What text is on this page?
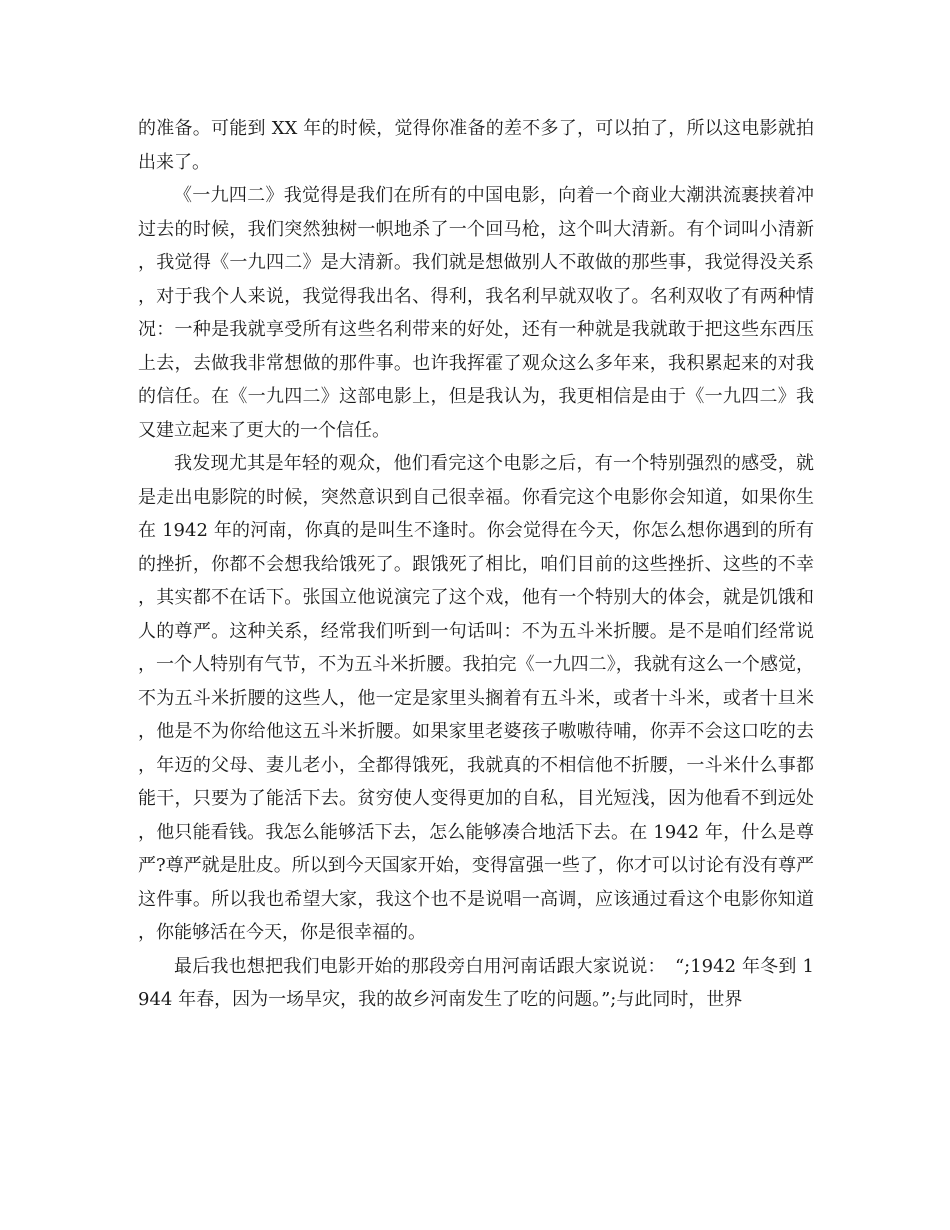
的准备。可能到 XX 年的时候，觉得你准备的差不多了，可以拍了，所以这电影就拍出来了。

《一九四二》我觉得是我们在所有的中国电影，向着一个商业大潮洪流裹挟着冲过去的时候，我们突然独树一帜地杀了一个回马枪，这个叫大清新。有个词叫小清新，我觉得《一九四二》是大清新。我们就是想做别人不敢做的那些事，我觉得没关系，对于我个人来说，我觉得我出名、得利，我名利早就双收了。名利双收了有两种情况：一种是我就享受所有这些名利带来的好处，还有一种就是我就敢于把这些东西压上去，去做我非常想做的那件事。也许我挥霍了观众这么多年来，我积累起来的对我的信任。在《一九四二》这部电影上，但是我认为，我更相信是由于《一九四二》我又建立起来了更大的一个信任。

我发现尤其是年轻的观众，他们看完这个电影之后，有一个特别强烈的感受，就是走出电影院的时候，突然意识到自己很幸福。你看完这个电影你会知道，如果你生在 1942 年的河南，你真的是叫生不逢时。你会觉得在今天，你怎么想你遇到的所有的挫折，你都不会想我给饿死了。跟饿死了相比，咱们目前的这些挫折、这些的不幸，其实都不在话下。张国立他说演完了这个戏，他有一个特别大的体会，就是饥饿和人的尊严。这种关系，经常我们听到一句话叫：不为五斗米折腰。是不是咱们经常说，一个人特别有气节，不为五斗米折腰。我拍完《一九四二》，我就有这么一个感觉，不为五斗米折腰的这些人，他一定是家里头搁着有五斗米，或者十斗米，或者十旦米，他是不为你给他这五斗米折腰。如果家里老婆孩子嗷嗷待哺，你弄不会这口吃的去，年迈的父母、妻儿老小，全都得饿死，我就真的不相信他不折腰，一斗米什么事都能干，只要为了能活下去。贫穷使人变得更加的自私，目光短浅，因为他看不到远处，他只能看钱。我怎么能够活下去，怎么能够凑合地活下去。在 1942 年，什么是尊严?尊严就是肚皮。所以到今天国家开始，变得富强一些了，你才可以讨论有没有尊严这件事。所以我也希望大家，我这个也不是说唱一高调，应该通过看这个电影你知道，你能够活在今天，你是很幸福的。

最后我也想把我们电影开始的那段旁白用河南话跟大家说说：　“;1942 年冬到 1944 年春，因为一场旱灾，我的故乡河南发生了吃的问题。”;与此同时，世界
